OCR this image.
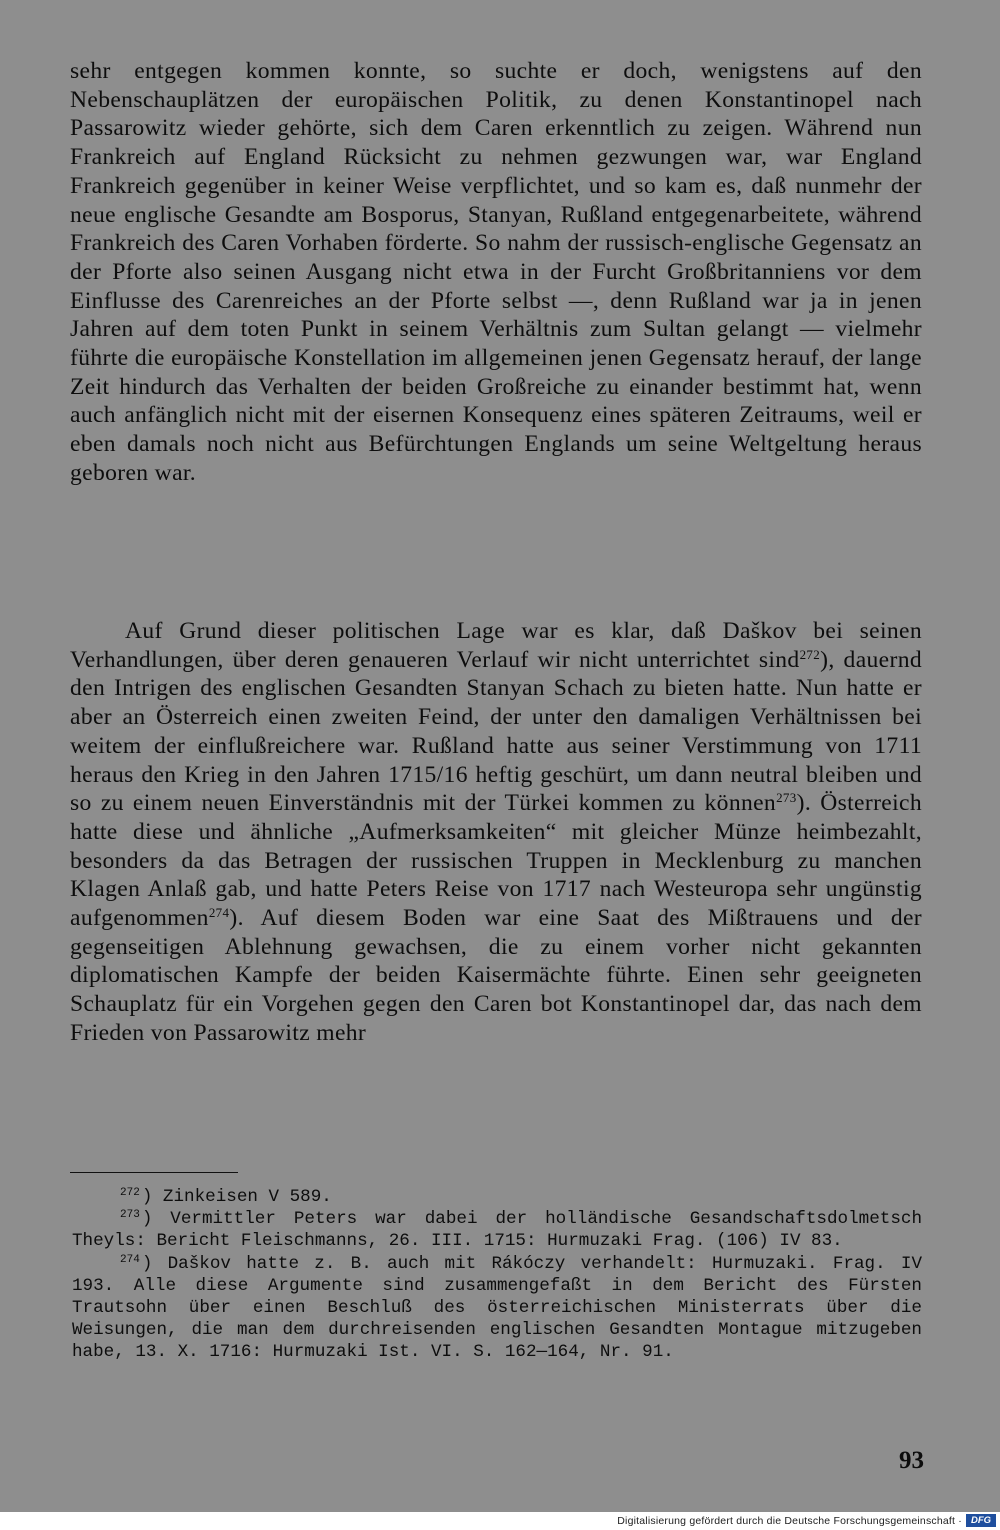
sehr entgegen kommen konnte, so suchte er doch, wenigstens auf den Nebenschauplätzen der europäischen Politik, zu denen Konstantinopel nach Passarowitz wieder gehörte, sich dem Caren erkenntlich zu zeigen. Während nun Frankreich auf England Rücksicht zu nehmen gezwungen war, war England Frankreich gegenüber in keiner Weise verpflichtet, und so kam es, daß nunmehr der neue englische Gesandte am Bosporus, Stanyan, Rußland entgegenarbeitete, während Frankreich des Caren Vorhaben förderte. So nahm der russisch-englische Gegensatz an der Pforte also seinen Ausgang nicht etwa in der Furcht Großbritanniens vor dem Einflusse des Carenreiches an der Pforte selbst —, denn Rußland war ja in jenen Jahren auf dem toten Punkt in seinem Verhältnis zum Sultan gelangt — vielmehr führte die europäische Konstellation im allgemeinen jenen Gegensatz herauf, der lange Zeit hindurch das Verhalten der beiden Großreiche zu einander bestimmt hat, wenn auch anfänglich nicht mit der eisernen Konsequenz eines späteren Zeitraums, weil er eben damals noch nicht aus Befürchtungen Englands um seine Weltgeltung heraus geboren war.

Auf Grund dieser politischen Lage war es klar, daß Daškov bei seinen Verhandlungen, über deren genaueren Verlauf wir nicht unterrichtet sind$^{272}$), dauernd den Intrigen des englischen Gesandten Stanyan Schach zu bieten hatte. Nun hatte er aber an Österreich einen zweiten Feind, der unter den damaligen Verhältnissen bei weitem der einflußreichere war. Rußland hatte aus seiner Verstimmung von 1711 heraus den Krieg in den Jahren 1715/16 heftig geschürt, um dann neutral bleiben und so zu einem neuen Einverständnis mit der Türkei kommen zu können$^{273}$). Österreich hatte diese und ähnliche „Aufmerksamkeiten“ mit gleicher Münze heimbezahlt, besonders da das Betragen der russischen Truppen in Mecklenburg zu manchen Klagen Anlaß gab, und hatte Peters Reise von 1717 nach Westeuropa sehr ungünstig aufgenommen$^{274}$). Auf diesem Boden war eine Saat des Mißtrauens und der gegenseitigen Ablehnung gewachsen, die zu einem vorher nicht gekannten diplomatischen Kampfe der beiden Kaisermächte führte. Einen sehr geeigneten Schauplatz für ein Vorgehen gegen den Caren bot Konstantinopel dar, das nach dem Frieden von Passarowitz mehr

$^{272}$ ) Zinkeisen V 589.

$^{273}$ ) Vermittler Peters war dabei der holländische Gesandschaftsdolmetsch Theyls: Bericht Fleischmanns, 26. III. 1715: Hurmuzaki Frag. (106) IV 83.

$^{274}$ ) Daškov hatte z. B. auch mit Rákóczy verhandelt: Hurmuzaki. Frag. IV 193. Alle diese Argumente sind zusammengefaßt in dem Bericht des Fürsten Trautsohn über einen Beschluß des österreichischen Ministerrats über die Weisungen, die man dem durchreisenden englischen Gesandten Montague mitzugeben habe, 13. X. 1716: Hurmuzaki Ist. VI. S. 162—164, Nr. 91.

93
Digitalisierung gefördert durch die Deutsche Forschungsgemeinschaft · DFG
